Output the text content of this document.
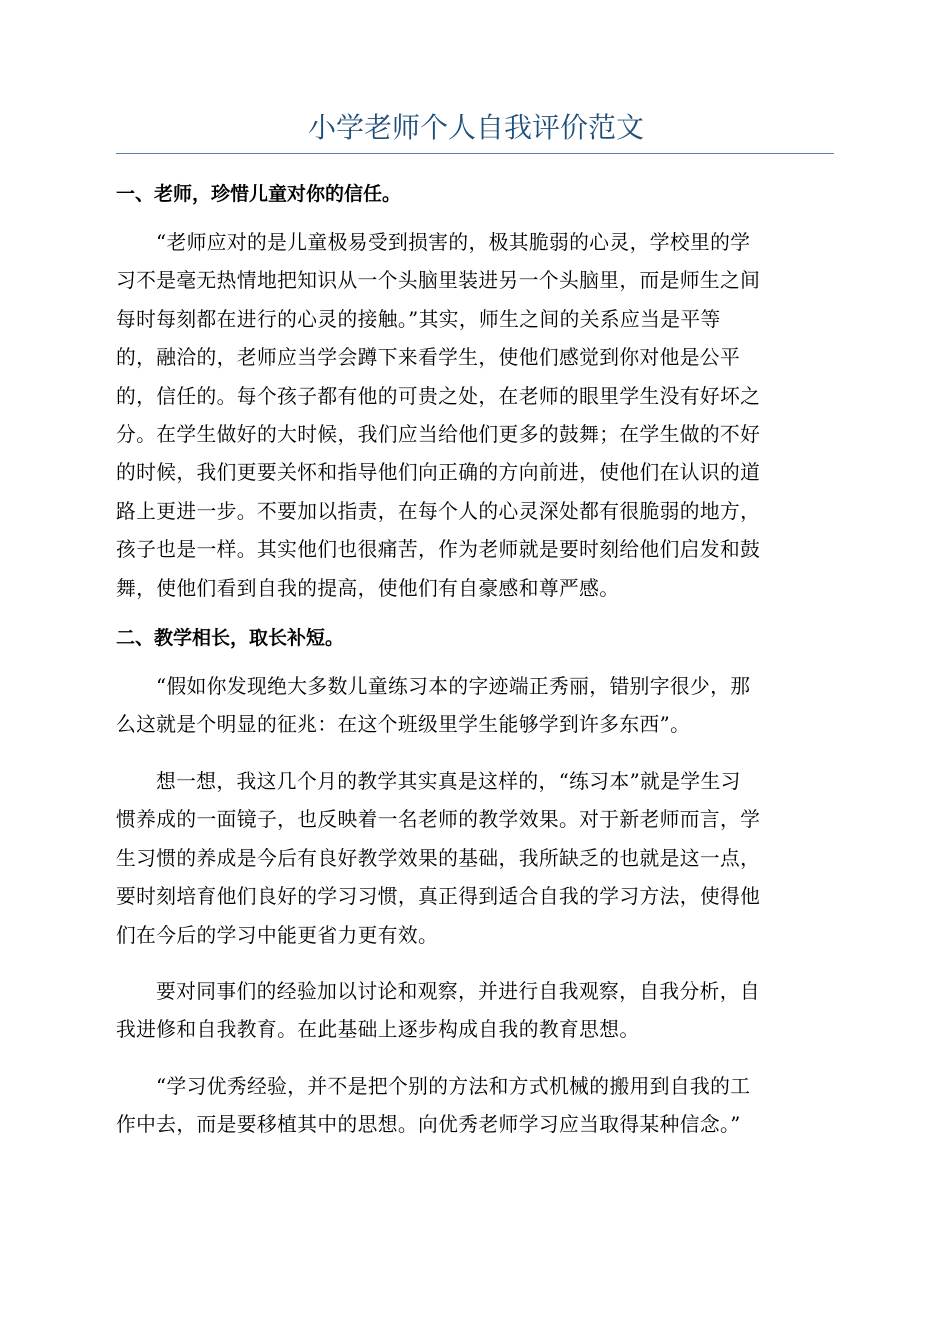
小学老师个人自我评价范文

一、老师，珍惜儿童对你的信任。

“老师应对的是儿童极易受到损害的，极其脆弱的心灵，学校里的学
习不是毫无热情地把知识从一个头脑里装进另一个头脑里，而是师生之间
每时每刻都在进行的心灵的接触。”其实，师生之间的关系应当是平等
的，融洽的，老师应当学会蹲下来看学生，使他们感觉到你对他是公平
的，信任的。每个孩子都有他的可贵之处，在老师的眼里学生没有好坏之
分。在学生做好的大时候，我们应当给他们更多的鼓舞；在学生做的不好
的时候，我们更要关怀和指导他们向正确的方向前进，使他们在认识的道
路上更进一步。不要加以指责，在每个人的心灵深处都有很脆弱的地方，
孩子也是一样。其实他们也很痛苦，作为老师就是要时刻给他们启发和鼓
舞，使他们看到自我的提高，使他们有自豪感和尊严感。

二、教学相长，取长补短。

“假如你发现绝大多数儿童练习本的字迹端正秀丽，错别字很少，那
么这就是个明显的征兆：在这个班级里学生能够学到许多东西”。
想一想，我这几个月的教学其实真是这样的，“练习本”就是学生习
惯养成的一面镜子，也反映着一名老师的教学效果。对于新老师而言，学
生习惯的养成是今后有良好教学效果的基础，我所缺乏的也就是这一点，
要时刻培育他们良好的学习习惯，真正得到适合自我的学习方法，使得他
们在今后的学习中能更省力更有效。
要对同事们的经验加以讨论和观察，并进行自我观察，自我分析，自
我进修和自我教育。在此基础上逐步构成自我的教育思想。
“学习优秀经验，并不是把个别的方法和方式机械的搬用到自我的工
作中去，而是要移植其中的思想。向优秀老师学习应当取得某种信念。”
